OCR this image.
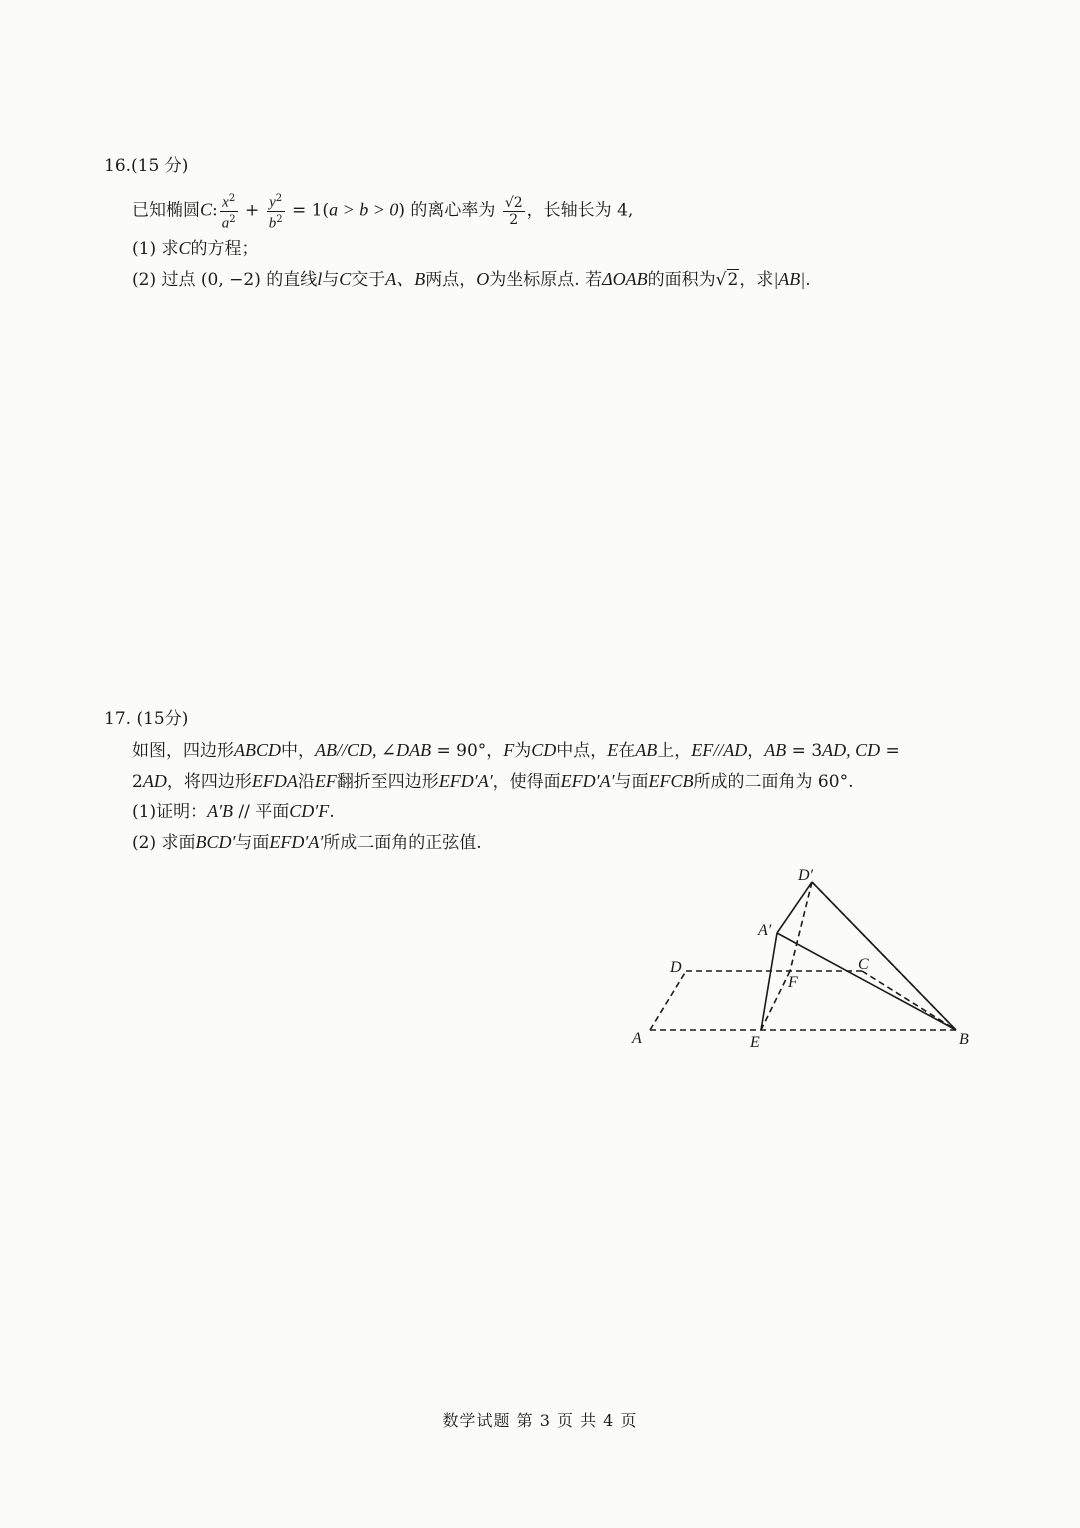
16.(15 分)
已知椭圆C: $\frac{x^2}{a^2} + \frac{y^2}{b^2} = 1(a > b > 0)$ 的离心率为 $\frac{√2}{2}$ ，长轴长为 4,
(1) 求C的方程；
(2) 过点 (0, −2) 的直线l与C交于A、B两点，O为坐标原点. 若ΔOAB的面积为√2，求|AB|.
17. (15分)
如图，四边形ABCD中，AB//CD, ∠DAB = 90°，F为CD中点，E在AB上，EF//AD，AB = 3AD, CD =
2AD，将四边形EFDA沿EF翻折至四边形EFD′A′，使得面EFD′A′与面EFCB所成的二面角为 60°.
(1)证明：A′B // 平面CD′F.
(2) 求面BCD′与面EFD′A′所成二面角的正弦值.
D′
A′
D	C
F
A	E	B
数学试题 第 3 页 共 4 页
